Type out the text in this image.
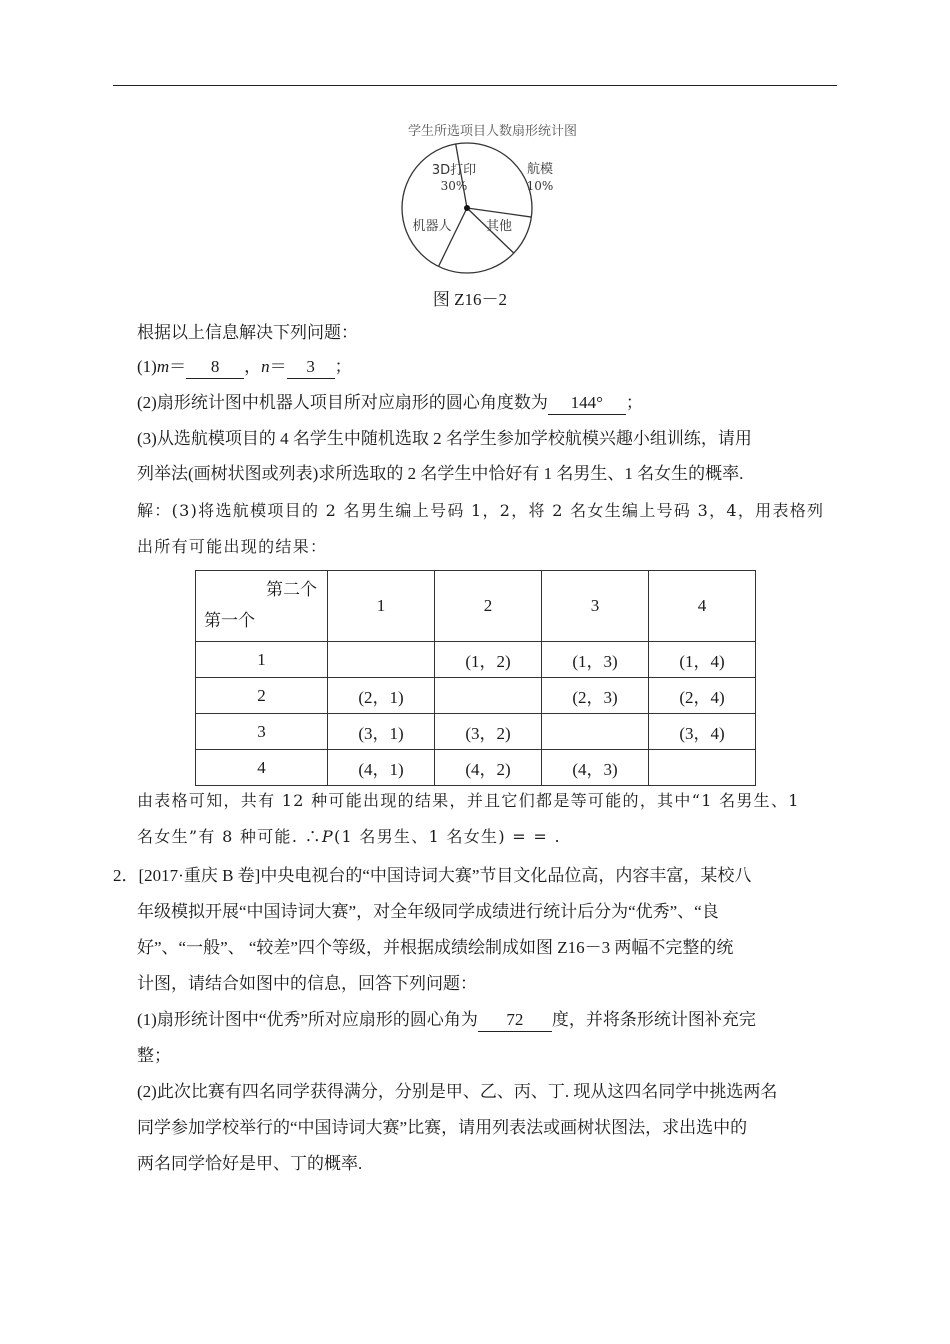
学生所选项目人数扇形统计图
3D打印
30%
航模
10%
其他
机器人
图 Z16－2
根据以上信息解决下列问题：
(1)m＝ 8 ，n＝ 3 ；
(2)扇形统计图中机器人项目所对应扇形的圆心角度数为 144° ；
(3)从选航模项目的 4 名学生中随机选取 2 名学生参加学校航模兴趣小组训练，请用
列举法(画树状图或列表)求所选取的 2 名学生中恰好有 1 名男生、1 名女生的概率.
解：(3)将选航模项目的 2 名男生编上号码 1，2，将 2 名女生编上号码 3，4，用表格列
出所有可能出现的结果：
第二个
第一个	1	2	3	4
1		(1，2)	(1，3)	(1，4)
2	(2，1)		(2，3)	(2，4)
3	(3，1)	(3，2)		(3，4)
4	(4，1)	(4，2)	(4，3)	
由表格可知，共有 12 种可能出现的结果，并且它们都是等可能的，其中“1 名男生、1
名女生”有 8 种可能. ∴P(1 名男生、1 名女生) = = .
2．[2017·重庆 B 卷]中央电视台的“中国诗词大赛”节目文化品位高，内容丰富，某校八
年级模拟开展“中国诗词大赛”，对全年级同学成绩进行统计后分为“优秀”、“良
好”、“一般”、 “较差”四个等级，并根据成绩绘制成如图 Z16－3 两幅不完整的统
计图，请结合如图中的信息，回答下列问题：
(1)扇形统计图中“优秀”所对应扇形的圆心角为 72 度，并将条形统计图补充完
整；
(2)此次比赛有四名同学获得满分，分别是甲、乙、丙、丁. 现从这四名同学中挑选两名
同学参加学校举行的“中国诗词大赛”比赛，请用列表法或画树状图法，求出选中的
两名同学恰好是甲、丁的概率.
